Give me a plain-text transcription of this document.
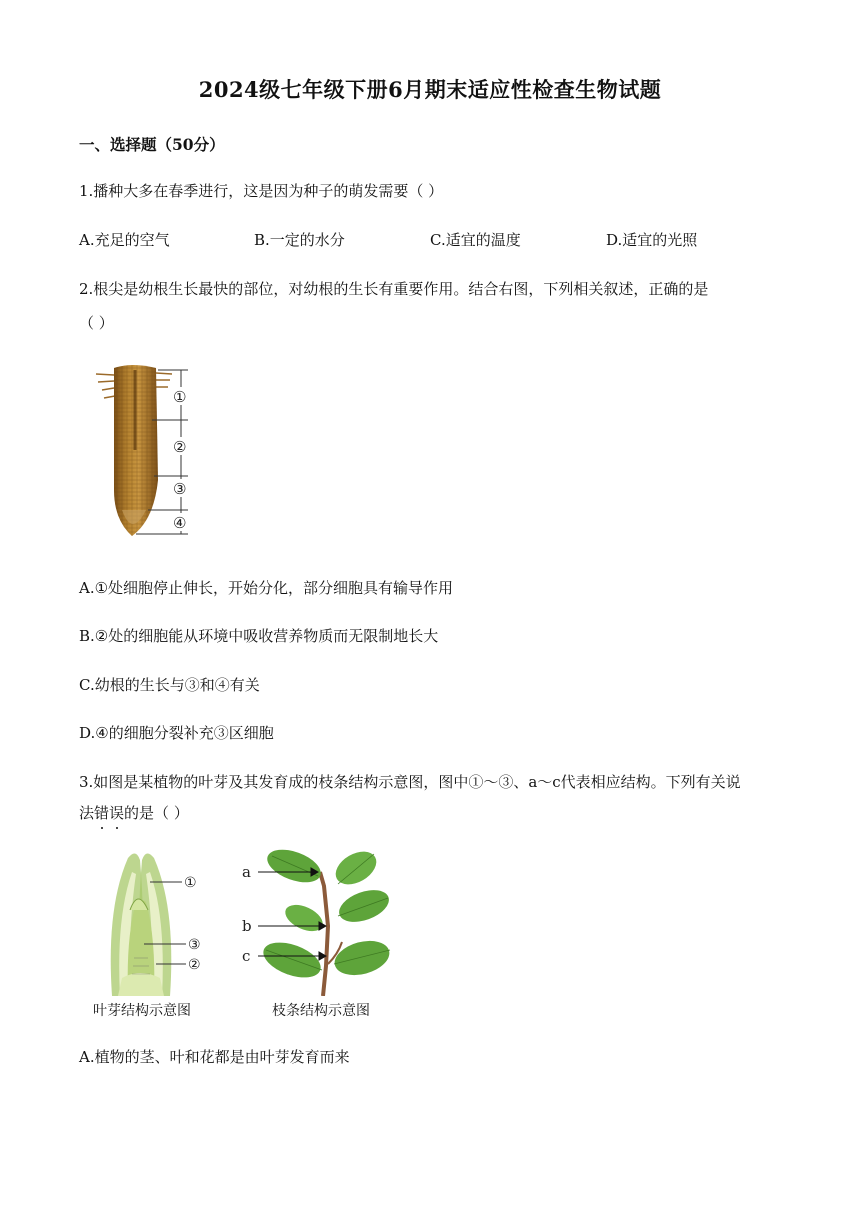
2024级七年级下册6月期末适应性检查生物试题
一、选择题（50分）
1.播种大多在春季进行，这是因为种子的萌发需要（ ）
A.充足的空气	B.一定的水分	C.适宜的温度	D.适宜的光照
2.根尖是幼根生长最快的部位，对幼根的生长有重要作用。结合右图，下列相关叙述，正确的是
（ ）
①
②
③
④
A.①处细胞停止伸长，开始分化，部分细胞具有输导作用
B.②处的细胞能从环境中吸收营养物质而无限制地长大
C.幼根的生长与③和④有关
D.④的细胞分裂补充③区细胞
3.如图是某植物的叶芽及其发育成的枝条结构示意图，图中①～③、a～c代表相应结构。下列有关说
法错误的是（ ）
①
③
②
叶芽结构示意图
a
b
c
枝条结构示意图
A.植物的茎、叶和花都是由叶芽发育而来
